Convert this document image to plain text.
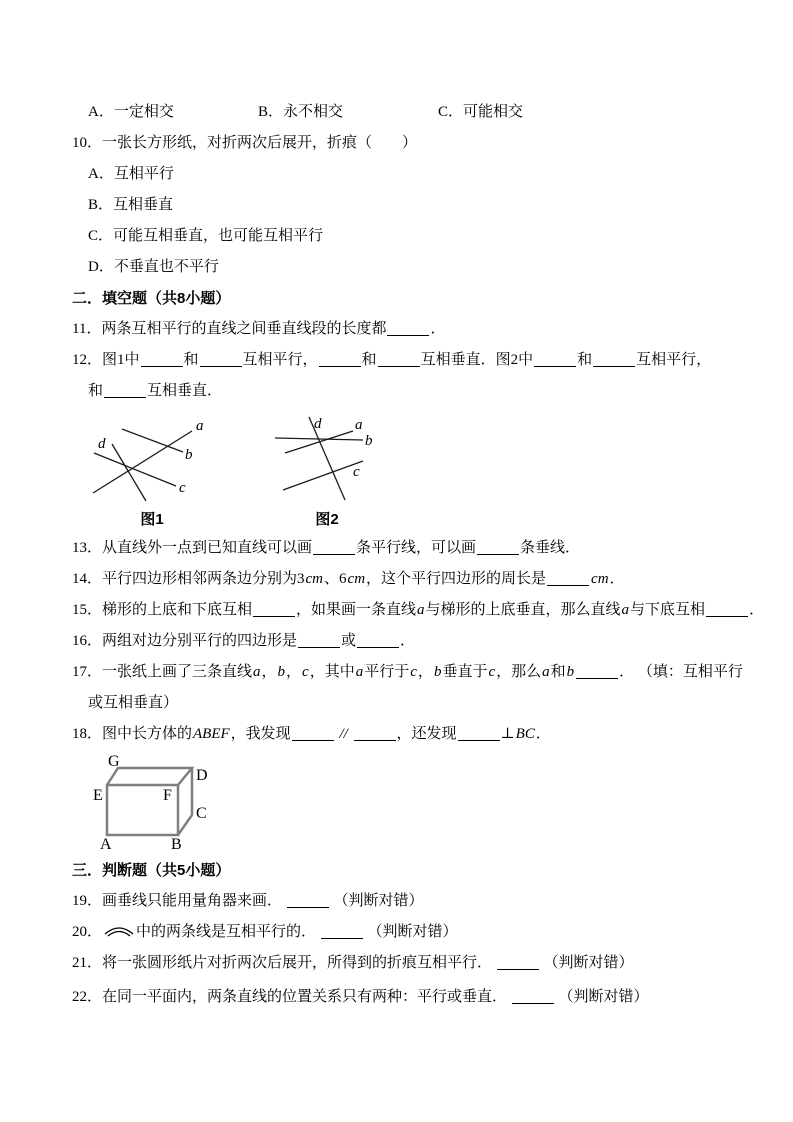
A．一定相交	B．永不相交	C．可能相交
10．一张长方形纸，对折两次后展开，折痕（　　）
A．互相平行
B．互相垂直
C．可能互相垂直，也可能互相平行
D．不垂直也不平行
二．填空题（共8小题）
11．两条互相平行的直线之间垂直线段的长度都	．
12．图1中	和	互相平行，	和	互相垂直．图2中	和	互相平行，
和	互相垂直．
a
b
c
d
图1
a
b
c
d
图2
13．从直线外一点到已知直线可以画	条平行线，可以画	条垂线．
14．平行四边形相邻两条边分别为3cm、6cm，这个平行四边形的周长是	cm．
15．梯形的上底和下底互相	，如果画一条直线a与梯形的上底垂直，那么直线a与下底互相	．
16．两组对边分别平行的四边形是	或	．
17．一张纸上画了三条直线a，b，c，其中a平行于c，b垂直于c，那么a和b	． （填：互相平行
或互相垂直）
18．图中长方体的ABEF，我发现	//	，还发现	⊥BC．
G
D
E	F
C
A	B
三．判断题（共5小题）
19．画垂线只能用量角器来画．	（判断对错）
20． 中的两条线是互相平行的．	（判断对错）
21．将一张圆形纸片对折两次后展开，所得到的折痕互相平行．	（判断对错）
22．在同一平面内，两条直线的位置关系只有两种：平行或垂直．	（判断对错）
